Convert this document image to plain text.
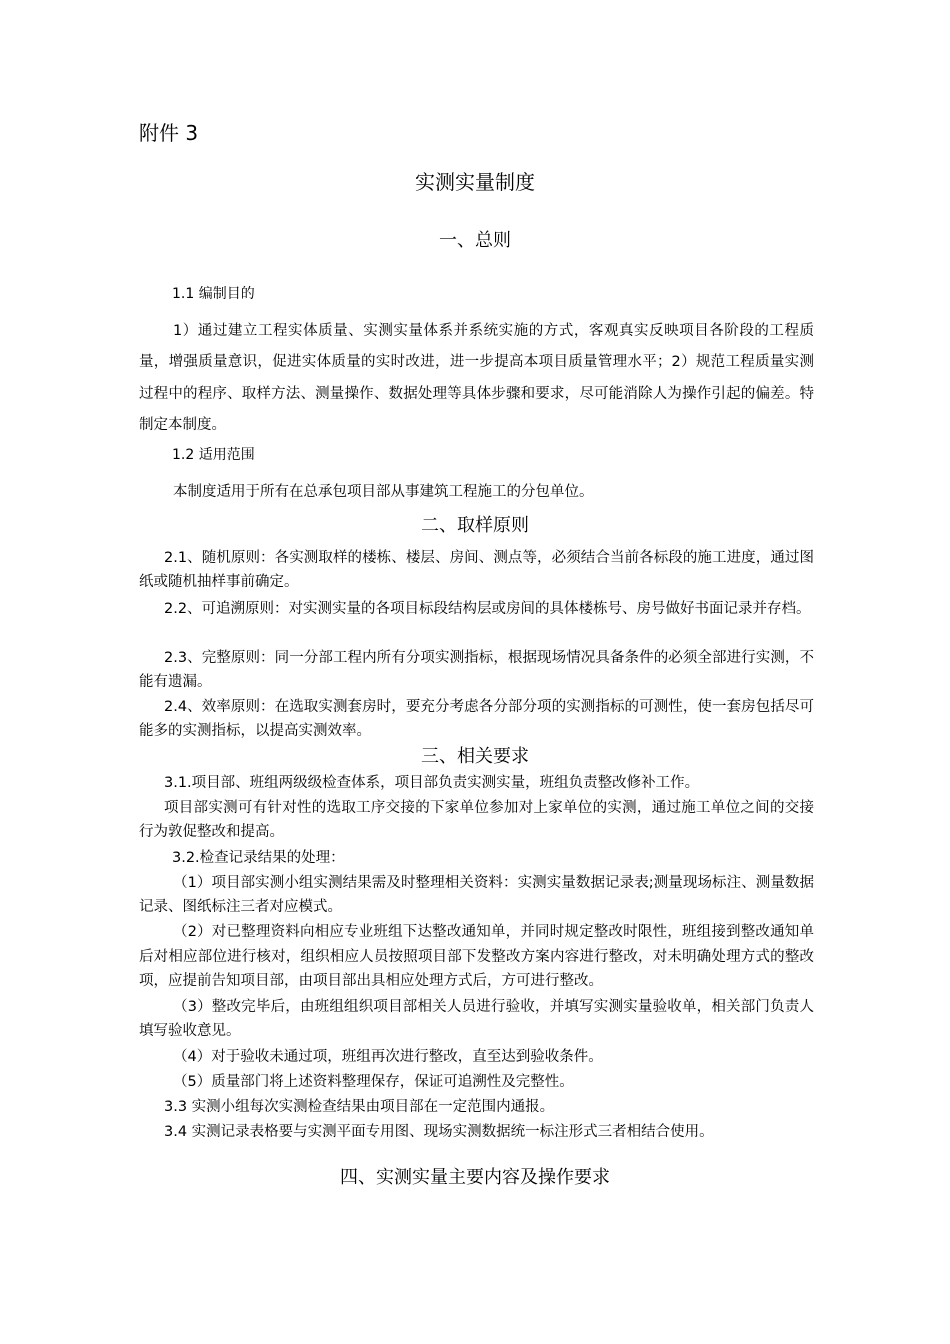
附件 3
实测实量制度
一、总则

1.1 编制目的

1）通过建立工程实体质量、实测实量体系并系统实施的方式，客观真实反映项目各阶段的工程质量，增强质量意识，促进实体质量的实时改进，进一步提高本项目质量管理水平；2）规范工程质量实测过程中的程序、取样方法、测量操作、数据处理等具体步骤和要求，尽可能消除人为操作引起的偏差。特制定本制度。

1.2 适用范围

本制度适用于所有在总承包项目部从事建筑工程施工的分包单位。

二、取样原则

2.1、随机原则：各实测取样的楼栋、楼层、房间、测点等，必须结合当前各标段的施工进度，通过图纸或随机抽样事前确定。

2.2、可追溯原则：对实测实量的各项目标段结构层或房间的具体楼栋号、房号做好书面记录并存档。

2.3、完整原则：同一分部工程内所有分项实测指标，根据现场情况具备条件的必须全部进行实测，不能有遗漏。

2.4、效率原则：在选取实测套房时，要充分考虑各分部分项的实测指标的可测性，使一套房包括尽可能多的实测指标，以提高实测效率。

三、相关要求

3.1.项目部、班组两级级检查体系，项目部负责实测实量，班组负责整改修补工作。

项目部实测可有针对性的选取工序交接的下家单位参加对上家单位的实测，通过施工单位之间的交接行为敦促整改和提高。

3.2.检查记录结果的处理：

（1）项目部实测小组实测结果需及时整理相关资料：实测实量数据记录表;测量现场标注、测量数据记录、图纸标注三者对应模式。

（2）对已整理资料向相应专业班组下达整改通知单，并同时规定整改时限性，班组接到整改通知单后对相应部位进行核对，组织相应人员按照项目部下发整改方案内容进行整改，对未明确处理方式的整改项，应提前告知项目部，由项目部出具相应处理方式后，方可进行整改。

（3）整改完毕后，由班组组织项目部相关人员进行验收，并填写实测实量验收单，相关部门负责人填写验收意见。

（4）对于验收未通过项，班组再次进行整改，直至达到验收条件。

（5）质量部门将上述资料整理保存，保证可追溯性及完整性。

3.3 实测小组每次实测检查结果由项目部在一定范围内通报。

3.4 实测记录表格要与实测平面专用图、现场实测数据统一标注形式三者相结合使用。

四、实测实量主要内容及操作要求
